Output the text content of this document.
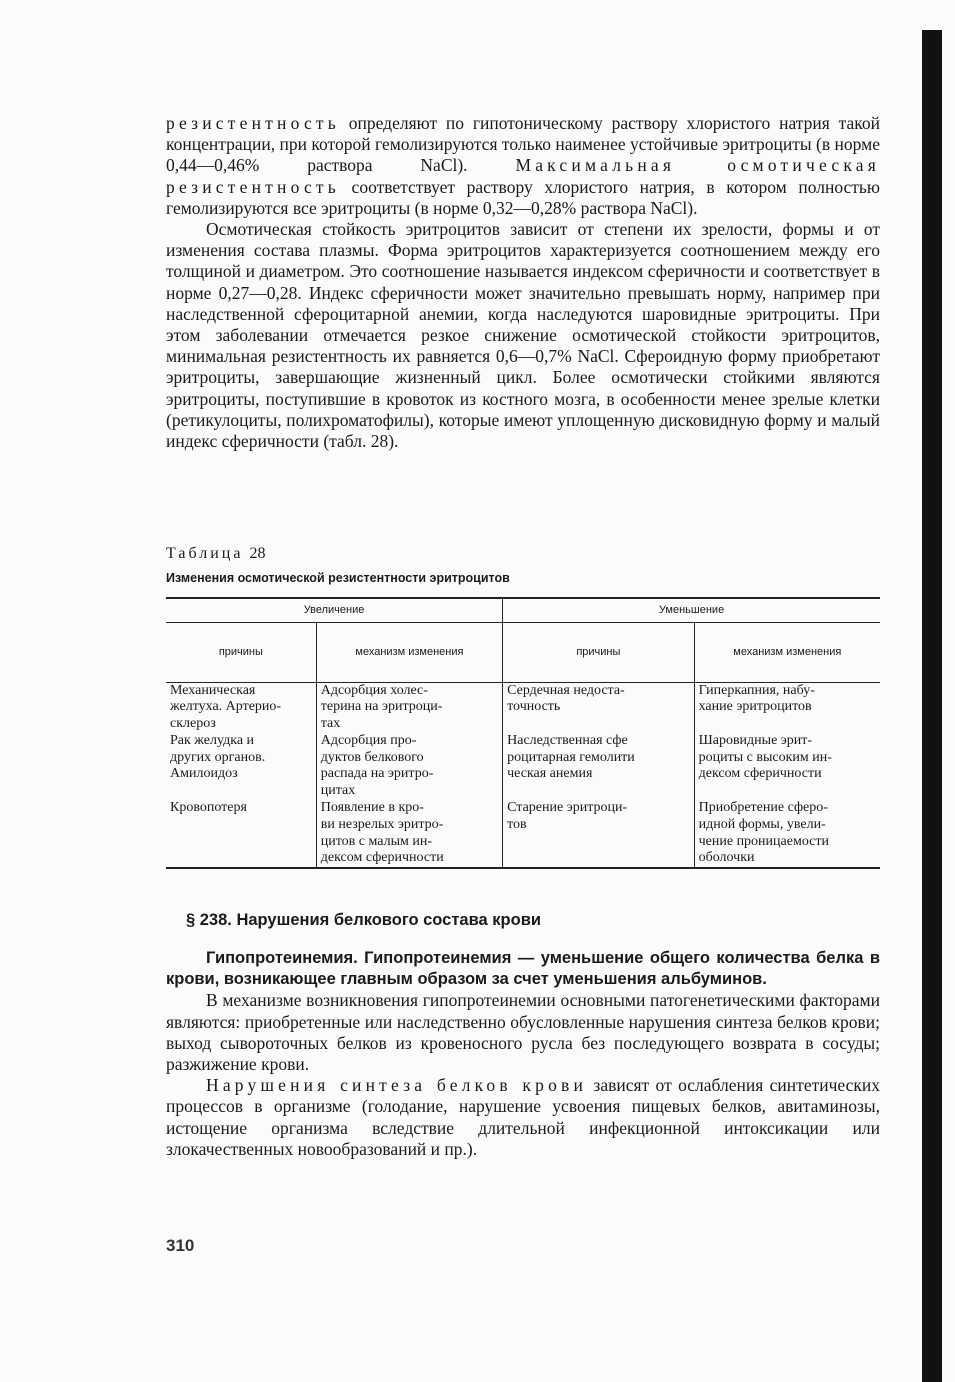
резистентность определяют по гипотоническому раствору хлористого натрия такой концентрации, при которой гемолизируются только наименее устойчивые эритроциты (в норме 0,44—0,46% раствора NaCl).	Максимальная осмотическая резистентность соответствует раствору хлористого натрия, в котором полностью гемолизируются все эритроциты (в норме 0,32—0,28% раствора NaCl).

Осмотическая стойкость эритроцитов зависит от степени их зрелости, формы и от изменения состава плазмы. Форма эритроцитов характеризуется соотношением между его толщиной и диаметром. Это соотношение называется индексом сферичности и соответствует в норме 0,27—0,28. Индекс сферичности может значительно превышать норму, например при наследственной сфероцитарной анемии, когда наследуются шаровидные эритроциты. При этом заболевании отмечается резкое снижение осмотической стойкости эритроцитов, минимальная резистентность их равняется 0,6—0,7% NaCl. Сфероидную форму приобретают эритроциты, завершающие жизненный цикл. Более осмотически стойкими являются эритроциты, поступившие в кровоток из костного мозга, в особенности менее зрелые клетки (ретикулоциты, полихроматофилы), которые имеют уплощенную дисковидную форму и малый индекс сферичности (табл. 28).

Таблица 28
Изменения осмотической резистентности эритроцитов
Увеличение		Уменьшение	
причины	механизм изменения	причины	механизм изменения

Механическая
желтуха. Артерио-
склероз	Адсорбция холес-
терина на эритроци-
тах	Сердечная недоста-
точность	Гиперкапния, набу-
хание эритроцитов

Рак желудка и
других органов.
Амилоидоз	Адсорбция про-
дуктов белкового
распада на эритро-
цитах	Наследственная сфе
роцитарная гемолити
ческая анемия	Шаровидные эрит-
роциты с высоким ин-
дексом сферичности

Кровопотеря	Появление в кро-
ви незрелых эритро-
цитов с малым ин-
дексом сферичности	Старение эритроци-
тов	Приобретение сферо-
идной формы, увели-
чение проницаемости
оболочки
§ 238. Нарушения белкового состава крови

Гипопротеинемия. Гипопротеинемия — уменьшение общего количества белка в крови, возникающее главным образом за счет уменьшения альбуминов.

В механизме возникновения гипопротеинемии основными патогенетическими факторами являются: приобретенные или наследственно обусловленные нарушения синтеза белков крови; выход сывороточных белков из кровеносного русла без последующего возврата в сосуды; разжижение крови.

Нарушения синтеза белков крови зависят от ослабления синтетических процессов в организме (голодание, нарушение усвоения пищевых белков, авитаминозы, истощение организма вследствие длительной инфекционной интоксикации или злокачественных новообразований и пр.).

310
